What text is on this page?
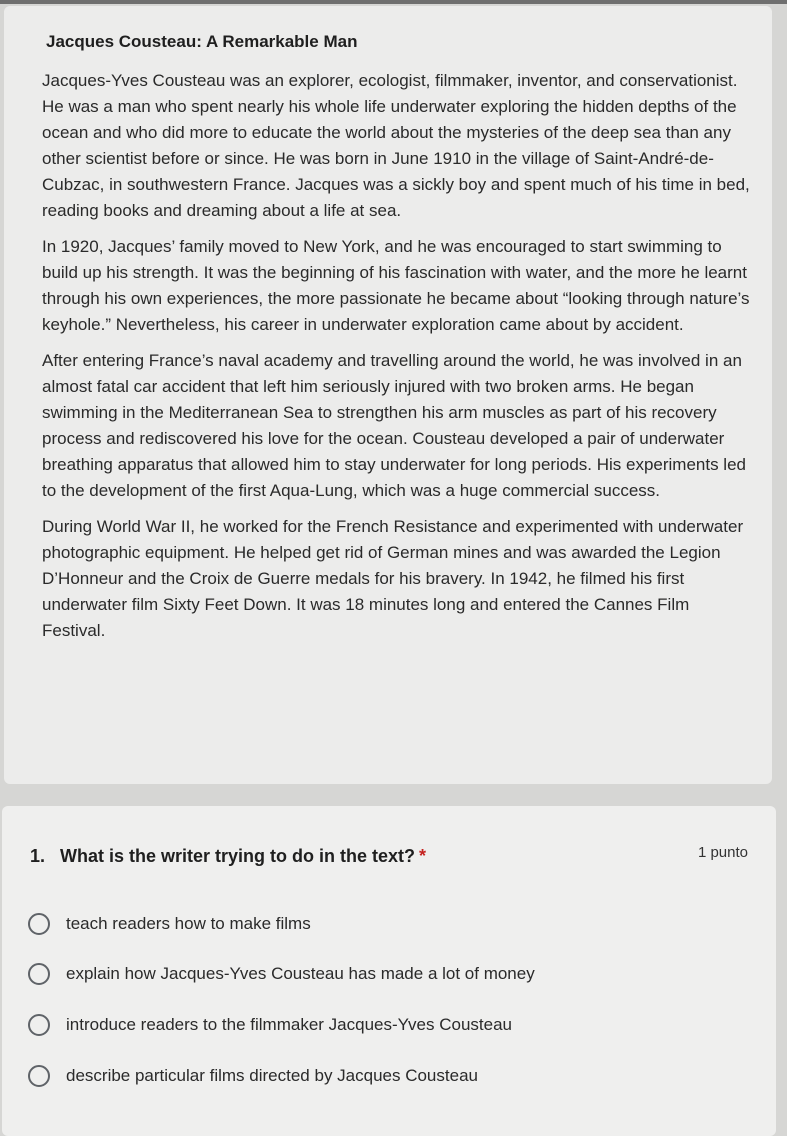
Jacques Cousteau: A Remarkable Man

Jacques-Yves Cousteau was an explorer, ecologist, filmmaker, inventor, and conservationist. He was a man who spent nearly his whole life underwater exploring the hidden depths of the ocean and who did more to educate the world about the mysteries of the deep sea than any other scientist before or since. He was born in June 1910 in the village of Saint-André-de-Cubzac, in southwestern France. Jacques was a sickly boy and spent much of his time in bed, reading books and dreaming about a life at sea.

In 1920, Jacques’ family moved to New York, and he was encouraged to start swimming to build up his strength. It was the beginning of his fascination with water, and the more he learnt through his own experiences, the more passionate he became about “looking through nature’s keyhole.” Nevertheless, his career in underwater exploration came about by accident.

After entering France’s naval academy and travelling around the world, he was involved in an almost fatal car accident that left him seriously injured with two broken arms. He began swimming in the Mediterranean Sea to strengthen his arm muscles as part of his recovery process and rediscovered his love for the ocean. Cousteau developed a pair of underwater breathing apparatus that allowed him to stay underwater for long periods. His experiments led to the development of the first Aqua-Lung, which was a huge commercial success.

During World War II, he worked for the French Resistance and experimented with underwater photographic equipment. He helped get rid of German mines and was awarded the Legion D’Honneur and the Croix de Guerre medals for his bravery. In 1942, he filmed his first underwater film Sixty Feet Down. It was 18 minutes long and entered the Cannes Film Festival.

1. What is the writer trying to do in the text? *	1 punto
teach readers how to make films
explain how Jacques-Yves Cousteau has made a lot of money
introduce readers to the filmmaker Jacques-Yves Cousteau
describe particular films directed by Jacques Cousteau
